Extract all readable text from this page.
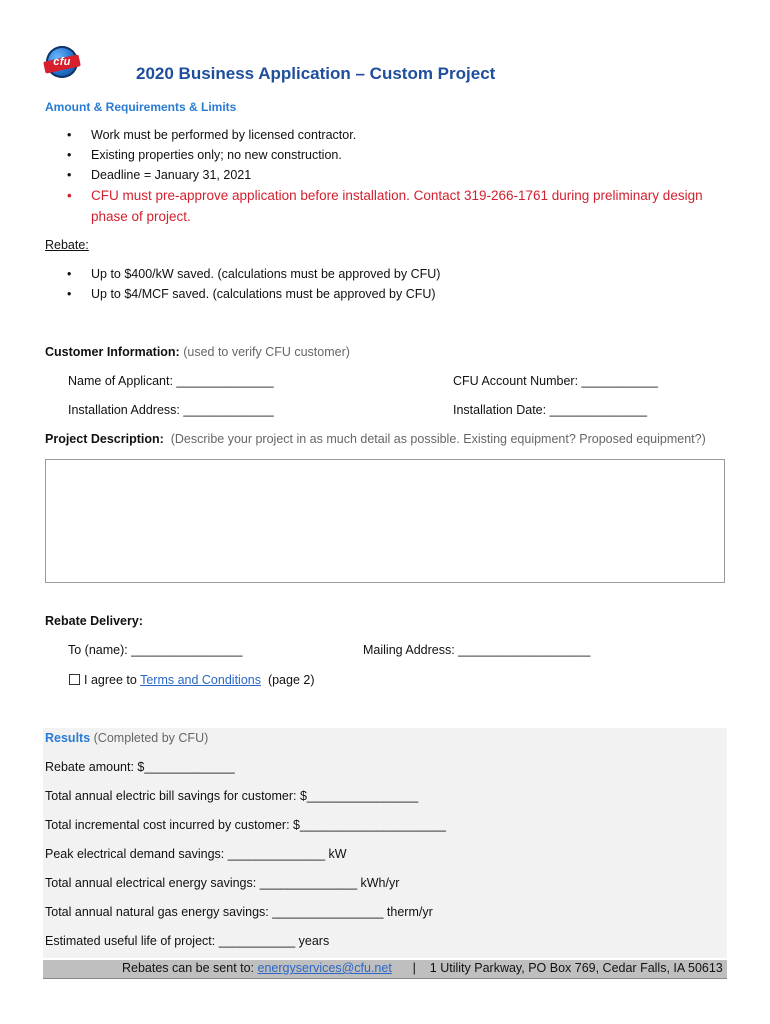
cfu
2020 Business Application – Custom Project
Amount & Requirements & Limits
• Work must be performed by licensed contractor.
• Existing properties only; no new construction.
• Deadline = January 31, 2021
• CFU must pre-approve application before installation. Contact 319-266-1761 during preliminary design phase of project.
Rebate:
• Up to $400/kW saved. (calculations must be approved by CFU)
• Up to $4/MCF saved. (calculations must be approved by CFU)
Customer Information: (used to verify CFU customer)
Name of Applicant: ______________	CFU Account Number: ___________
Installation Address: _____________	Installation Date: ______________
Project Description: (Describe your project in as much detail as possible. Existing equipment? Proposed equipment?)
Rebate Delivery:
To (name): ________________	Mailing Address: ___________________
I agree to Terms and Conditions (page 2)
Results (Completed by CFU)
Rebate amount: $_____________
Total annual electric bill savings for customer: $________________
Total incremental cost incurred by customer: $_____________________
Peak electrical demand savings: ______________ kW
Total annual electrical energy savings: ______________ kWh/yr
Total annual natural gas energy savings: ________________ therm/yr
Estimated useful life of project: ___________ years
Rebates can be sent to: energyservices@cfu.net | 1 Utility Parkway, PO Box 769, Cedar Falls, IA 50613
